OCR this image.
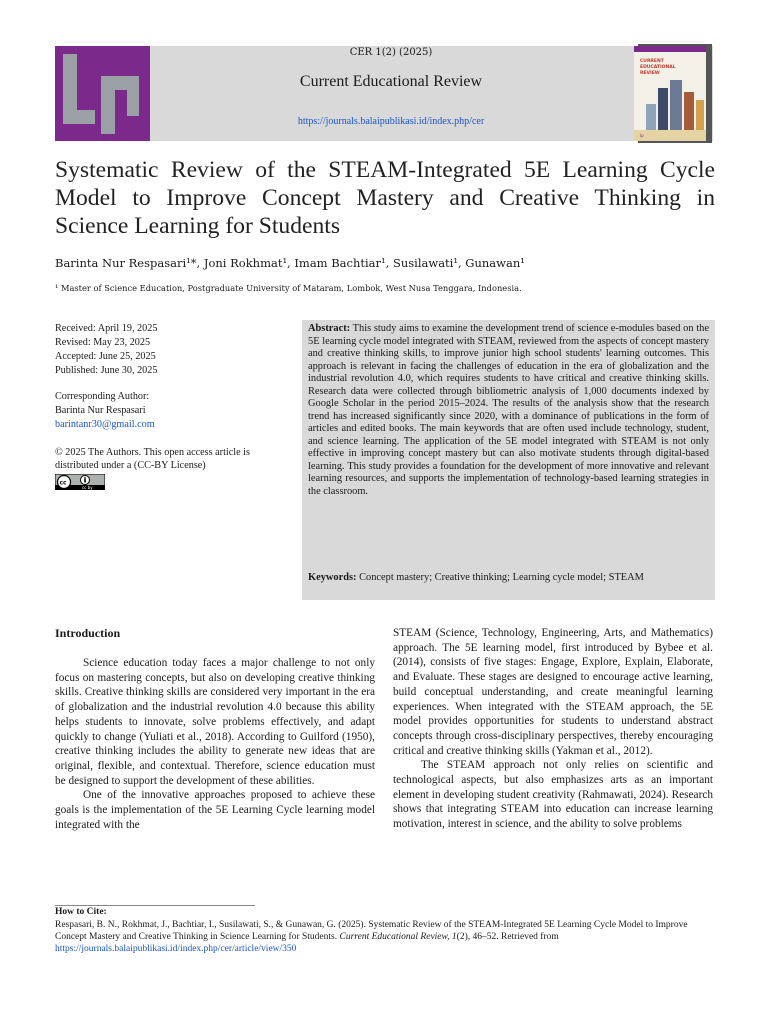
CER 1(2) (2025)
Current Educational Review
https://journals.balaipublikasi.id/index.php/cer
CURRENT
EDUCATIONAL
REVIEW
lp
Systematic Review of the STEAM-Integrated 5E Learning Cycle Model to Improve Concept Mastery and Creative Thinking in Science Learning for Students
Barinta Nur Respasari¹*, Joni Rokhmat¹, Imam Bachtiar¹, Susilawati¹, Gunawan¹
¹ Master of Science Education, Postgraduate University of Mataram, Lombok, West Nusa Tenggara, Indonesia.
Received: April 19, 2025
Revised: May 23, 2025
Accepted: June 25, 2025
Published: June 30, 2025
Corresponding Author:
Barinta Nur Respasari
barintanr30@gmail.com
© 2025 The Authors. This open access article is distributed under a (CC-BY License)
cc
cc by
Abstract: This study aims to examine the development trend of science e-modules based on the 5E learning cycle model integrated with STEAM, reviewed from the aspects of concept mastery and creative thinking skills, to improve junior high school students' learning outcomes. This approach is relevant in facing the challenges of education in the era of globalization and the industrial revolution 4.0, which requires students to have critical and creative thinking skills. Research data were collected through bibliometric analysis of 1,000 documents indexed by Google Scholar in the period 2015–2024. The results of the analysis show that the research trend has increased significantly since 2020, with a dominance of publications in the form of articles and edited books. The main keywords that are often used include technology, student, and science learning. The application of the 5E model integrated with STEAM is not only effective in improving concept mastery but can also motivate students through digital-based learning. This study provides a foundation for the development of more innovative and relevant learning resources, and supports the implementation of technology-based learning strategies in the classroom.
Keywords: Concept mastery; Creative thinking; Learning cycle model; STEAM
Introduction

Science education today faces a major challenge to not only focus on mastering concepts, but also on developing creative thinking skills. Creative thinking skills are considered very important in the era of globalization and the industrial revolution 4.0 because this ability helps students to innovate, solve problems effectively, and adapt quickly to change (Yuliati et al., 2018). According to Guilford (1950), creative thinking includes the ability to generate new ideas that are original, flexible, and contextual. Therefore, science education must be designed to support the development of these abilities.

One of the innovative approaches proposed to achieve these goals is the implementation of the 5E Learning Cycle learning model integrated with the

STEAM (Science, Technology, Engineering, Arts, and Mathematics) approach. The 5E learning model, first introduced by Bybee et al. (2014), consists of five stages: Engage, Explore, Explain, Elaborate, and Evaluate. These stages are designed to encourage active learning, build conceptual understanding, and create meaningful learning experiences. When integrated with the STEAM approach, the 5E model provides opportunities for students to understand abstract concepts through cross-disciplinary perspectives, thereby encouraging critical and creative thinking skills (Yakman et al., 2012).

The STEAM approach not only relies on scientific and technological aspects, but also emphasizes arts as an important element in developing student creativity (Rahmawati, 2024). Research shows that integrating STEAM into education can increase learning motivation, interest in science, and the ability to solve problems

How to Cite:
Respasari, B. N., Rokhmat, J., Bachtiar, I., Susilawati, S., & Gunawan, G. (2025). Systematic Review of the STEAM-Integrated 5E Learning Cycle Model to Improve Concept Mastery and Creative Thinking in Science Learning for Students. Current Educational Review, 1(2), 46–52. Retrieved from https://journals.balaipublikasi.id/index.php/cer/article/view/350
